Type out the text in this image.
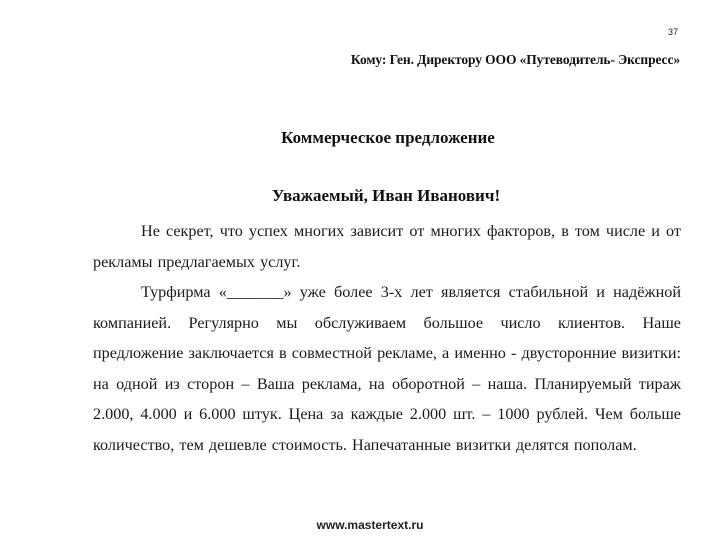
37
Кому: Ген. Директору ООО «Путеводитель- Экспресс»
Коммерческое предложение
Уважаемый, Иван Иванович!

Не секрет, что успех многих зависит от многих факторов, в том числе и от рекламы предлагаемых услуг.

Турфирма «_______» уже более 3-х лет является стабильной и надёжной компанией. Регулярно мы обслуживаем большое число клиентов. Наше предложение заключается в совместной рекламе, а именно - двусторонние визитки: на одной из сторон – Ваша реклама, на оборотной – наша. Планируемый тираж 2.000, 4.000 и 6.000 штук. Цена за каждые 2.000 шт. – 1000 рублей. Чем больше количество, тем дешевле стоимость. Напечатанные визитки делятся пополам.

www.mastertext.ru
